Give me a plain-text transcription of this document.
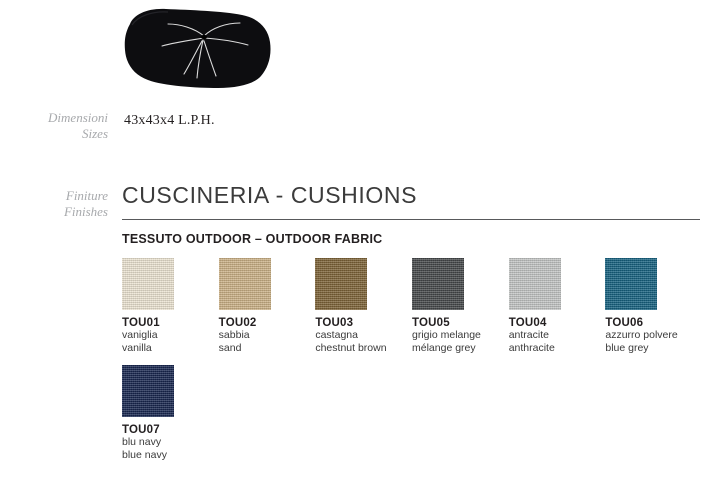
Dimensioni
Sizes
Finiture
Finishes
43x43x4 L.P.H.
CUSCINERIA - CUSHIONS
TESSUTO OUTDOOR – OUTDOOR FABRIC
TOU01
vaniglia
vanilla
TOU02
sabbia
sand
TOU03
castagna
chestnut brown
TOU05
grigio melange
mélange grey
TOU04
antracite
anthracite
TOU06
azzurro polvere
blue grey
TOU07
blu navy
blue navy
